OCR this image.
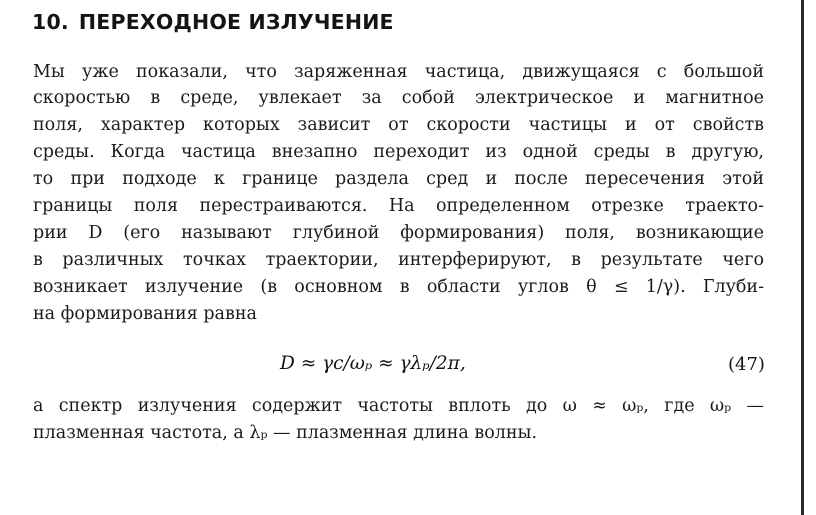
10. ПЕРЕХОДНОЕ ИЗЛУЧЕНИЕ
Мы уже показали, что заряженная частица, движущаяся с большой
скоростью в среде, увлекает за собой электрическое и магнитное
поля, характер которых зависит от скорости частицы и от свойств
среды. Когда частица внезапно переходит из одной среды в другую,
то при подходе к границе раздела сред и после пересечения этой
границы поля перестраиваются. На определенном отрезке траекто-
рии D (его называют глубиной формирования) поля, возникающие
в различных точках траектории, интерферируют, в результате чего
возникает излучение (в основном в области углов θ ≤ 1/γ). Глуби-
на формирования равна
D ≈ γc/ωₚ ≈ γλₚ/2π,	(47)
а спектр излучения содержит частоты вплоть до ω ≈ ωₚ, где ωₚ —
плазменная частота, а λₚ — плазменная длина волны.
